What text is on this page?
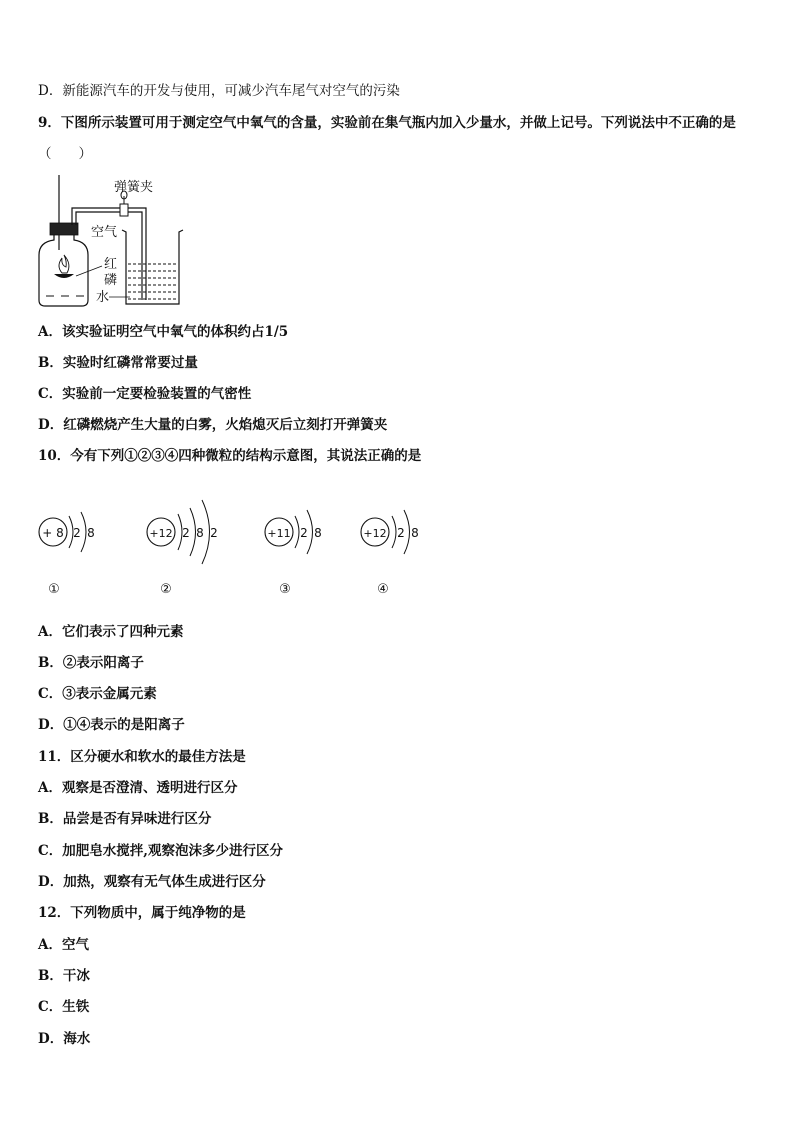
D．新能源汽车的开发与使用，可减少汽车尾气对空气的污染
9．下图所示装置可用于测定空气中氧气的含量，实验前在集气瓶内加入少量水，并做上记号。下列说法中不正确的是
（　　）
弹簧夹
空气
红
磷
水
A．该实验证明空气中氧气的体积约占1/5
B．实验时红磷常常要过量
C．实验前一定要检验装置的气密性
D．红磷燃烧产生大量的白雾，火焰熄灭后立刻打开弹簧夹
10．今有下列①②③④四种微粒的结构示意图，其说法正确的是
+ 8 2 8
①
+12 2 8 2
②
+11 2 8
③
+12 2 8
④
A．它们表示了四种元素
B．②表示阳离子
C．③表示金属元素
D．①④表示的是阳离子
11．区分硬水和软水的最佳方法是
A．观察是否澄清、透明进行区分
B．品尝是否有异味进行区分
C．加肥皂水搅拌,观察泡沫多少进行区分
D．加热，观察有无气体生成进行区分
12．下列物质中，属于纯净物的是
A．空气
B．干冰
C．生铁
D．海水
